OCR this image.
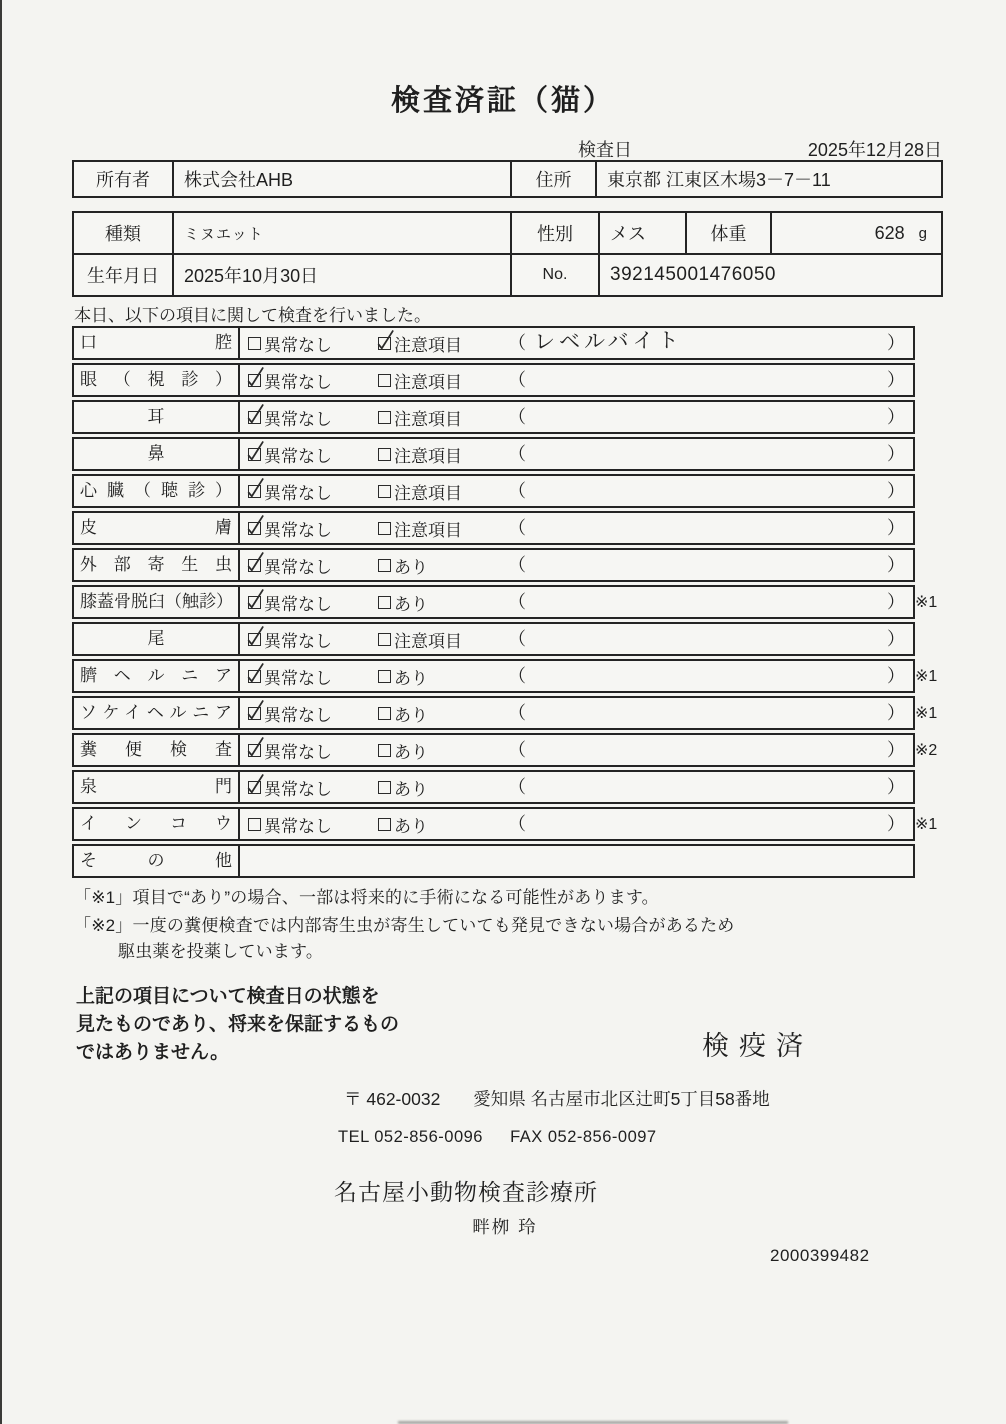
検査済証（猫）
検査日	2025年12月28日
所有者	株式会社AHB	住所	東京都 江東区木場3－7－11
種類	ミヌエット	性別	メス	体重	628 g
生年月日	2025年10月30日	No.	392145001476050
本日、以下の項目に関して検査を行いました。
口腔	異常なし	注意項目	（ レベルバイト	）
眼（視診）	異常なし	注意項目	（	）
耳	異常なし	注意項目	（	）
鼻	異常なし	注意項目	（	）
心臓（聴診）	異常なし	注意項目	（	）
皮膚	異常なし	注意項目	（	）
外部寄生虫	異常なし	あり	（	）
膝蓋骨脱臼（触診）	異常なし	あり	（	） ※1
尾	異常なし	注意項目	（	）
臍ヘルニア	異常なし	あり	（	） ※1
ソケイヘルニア	異常なし	あり	（	） ※1
糞便検査	異常なし	あり	（	） ※2
泉門	異常なし	あり	（	）
インコウ	異常なし	あり	（	） ※1
その他
「※1」項目で“あり”の場合、一部は将来的に手術になる可能性があります。
「※2」一度の糞便検査では内部寄生虫が寄生していても発見できない場合があるため
駆虫薬を投薬しています。
上記の項目について検査日の状態を
見たものであり、将来を保証するもの
ではありません。	検疫済
〒 462-0032 愛知県 名古屋市北区辻町5丁目58番地
TEL 052-856-0096 FAX 052-856-0097
名古屋小動物検査診療所
畔栁 玲
2000399482
